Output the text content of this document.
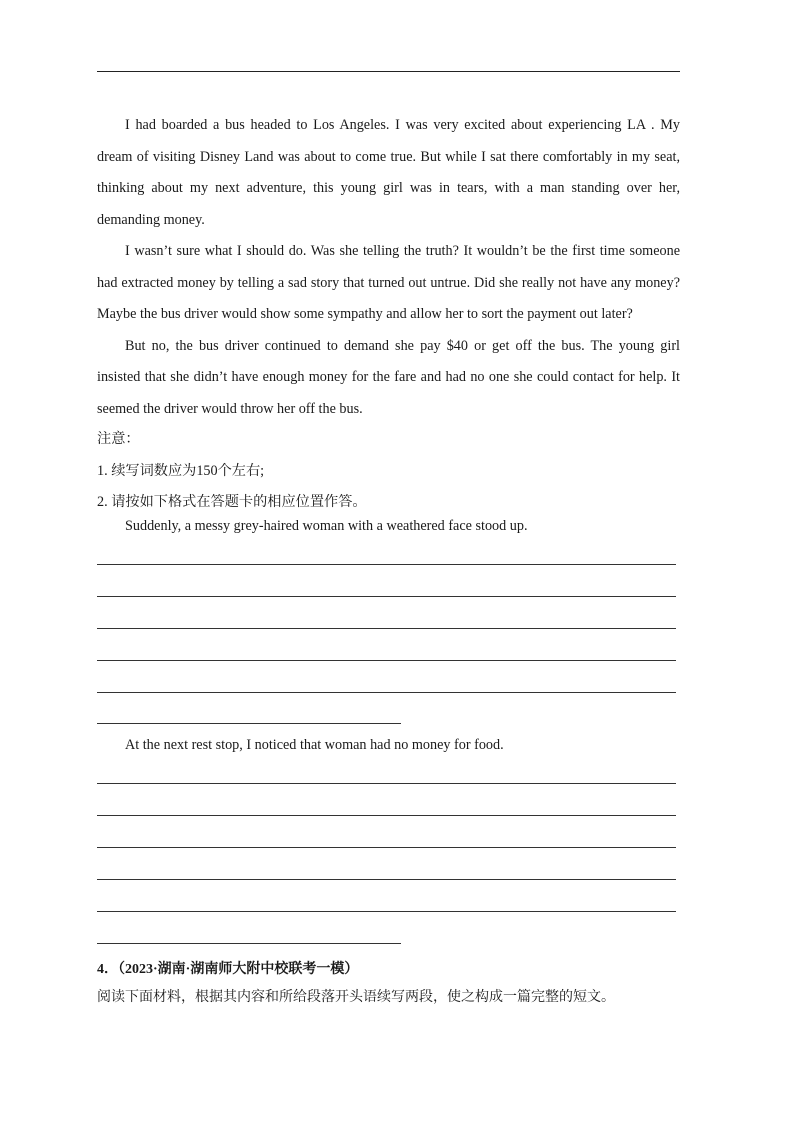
I had boarded a bus headed to Los Angeles. I was very excited about experiencing LA . My dream of visiting Disney Land was about to come true. But while I sat there comfortably in my seat, thinking about my next adventure, this young girl was in tears, with a man standing over her, demanding money.

I wasn’t sure what I should do. Was she telling the truth? It wouldn’t be the first time someone had extracted money by telling a sad story that turned out untrue. Did she really not have any money? Maybe the bus driver would show some sympathy and allow her to sort the payment out later?

But no, the bus driver continued to demand she pay $40 or get off the bus. The young girl insisted that she didn’t have enough money for the fare and had no one she could contact for help. It seemed the driver would throw her off the bus.

注意：
1. 续写词数应为150个左右;
2. 请按如下格式在答题卡的相应位置作答。
Suddenly, a messy grey-haired woman with a weathered face stood up.
At the next rest stop, I noticed that woman had no money for food.
4．（2023·湖南·湖南师大附中校联考一模）
阅读下面材料，根据其内容和所给段落开头语续写两段，使之构成一篇完整的短文。
